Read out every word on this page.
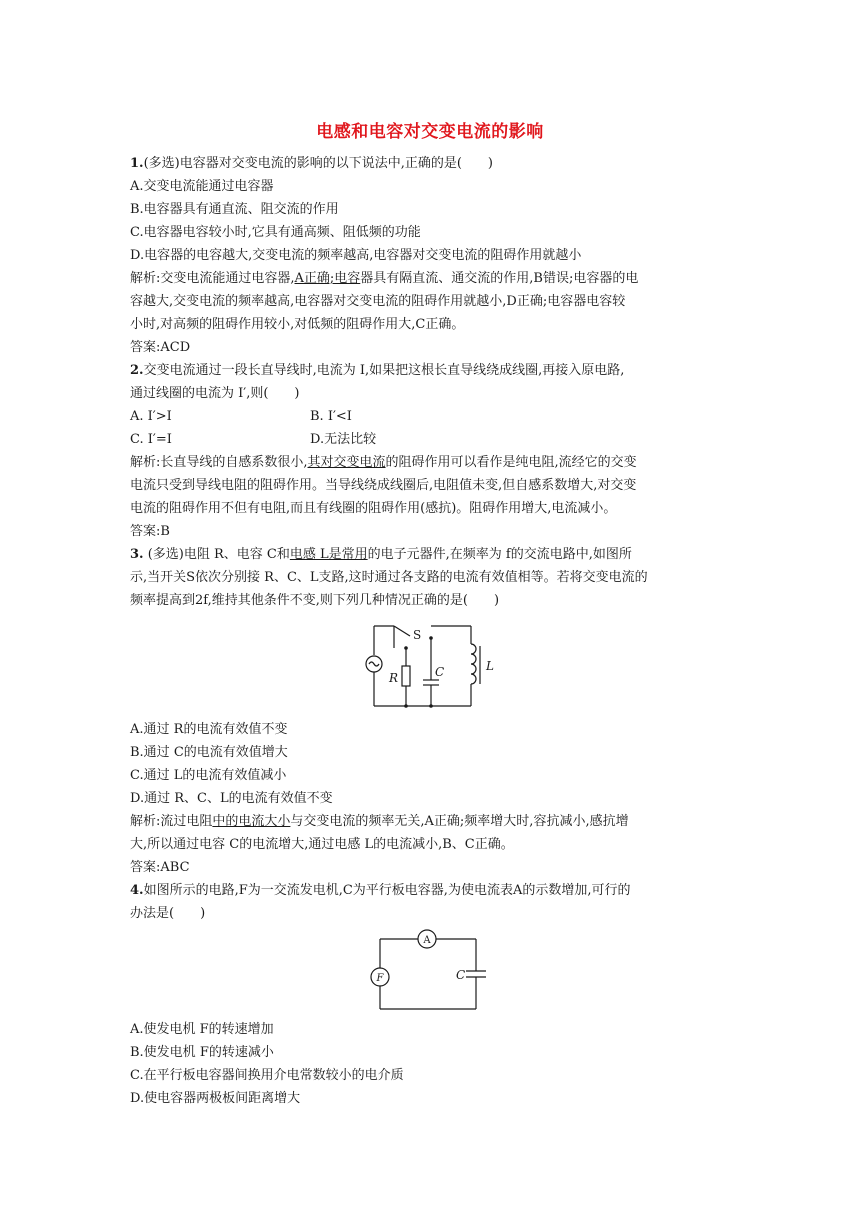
电感和电容对交变电流的影响

1.(多选)电容器对交变电流的影响的以下说法中,正确的是(　　)

A.交变电流能通过电容器

B.电容器具有通直流、阻交流的作用

C.电容器电容较小时,它具有通高频、阻低频的功能

D.电容器的电容越大,交变电流的频率越高,电容器对交变电流的阻碍作用就越小

解析:交变电流能通过电容器,A正确;电容器具有隔直流、通交流的作用,B错误;电容器的电

容越大,交变电流的频率越高,电容器对交变电流的阻碍作用就越小,D正确;电容器电容较

小时,对高频的阻碍作用较小,对低频的阻碍作用大,C正确。

答案:ACD

2.交变电流通过一段长直导线时,电流为 I,如果把这根长直导线绕成线圈,再接入原电路,

通过线圈的电流为 I′,则(　　)

A. I′>I	B. I′<I
C. I′=I	D.无法比较

解析:长直导线的自感系数很小,其对交变电流的阻碍作用可以看作是纯电阻,流经它的交变

电流只受到导线电阻的阻碍作用。当导线绕成线圈后,电阻值未变,但自感系数增大,对交变

电流的阻碍作用不但有电阻,而且有线圈的阻碍作用(感抗)。阻碍作用增大,电流减小。

答案:B

3. (多选)电阻 R、电容 C和电感 L是常用的电子元器件,在频率为 f的交流电路中,如图所

示,当开关S依次分别接 R、C、L支路,这时通过各支路的电流有效值相等。若将交变电流的

频率提高到2f,维持其他条件不变,则下列几种情况正确的是(　　)

S
R	C	L

A.通过 R的电流有效值不变

B.通过 C的电流有效值增大

C.通过 L的电流有效值减小

D.通过 R、C、L的电流有效值不变

解析:流过电阻中的电流大小与交变电流的频率无关,A正确;频率增大时,容抗减小,感抗增

大,所以通过电容 C的电流增大,通过电感 L的电流减小,B、C正确。

答案:ABC

4.如图所示的电路,F为一交流发电机,C为平行板电容器,为使电流表A的示数增加,可行的

办法是(　　)

A
F	C

A.使发电机 F的转速增加

B.使发电机 F的转速减小

C.在平行板电容器间换用介电常数较小的电介质

D.使电容器两极板间距离增大
